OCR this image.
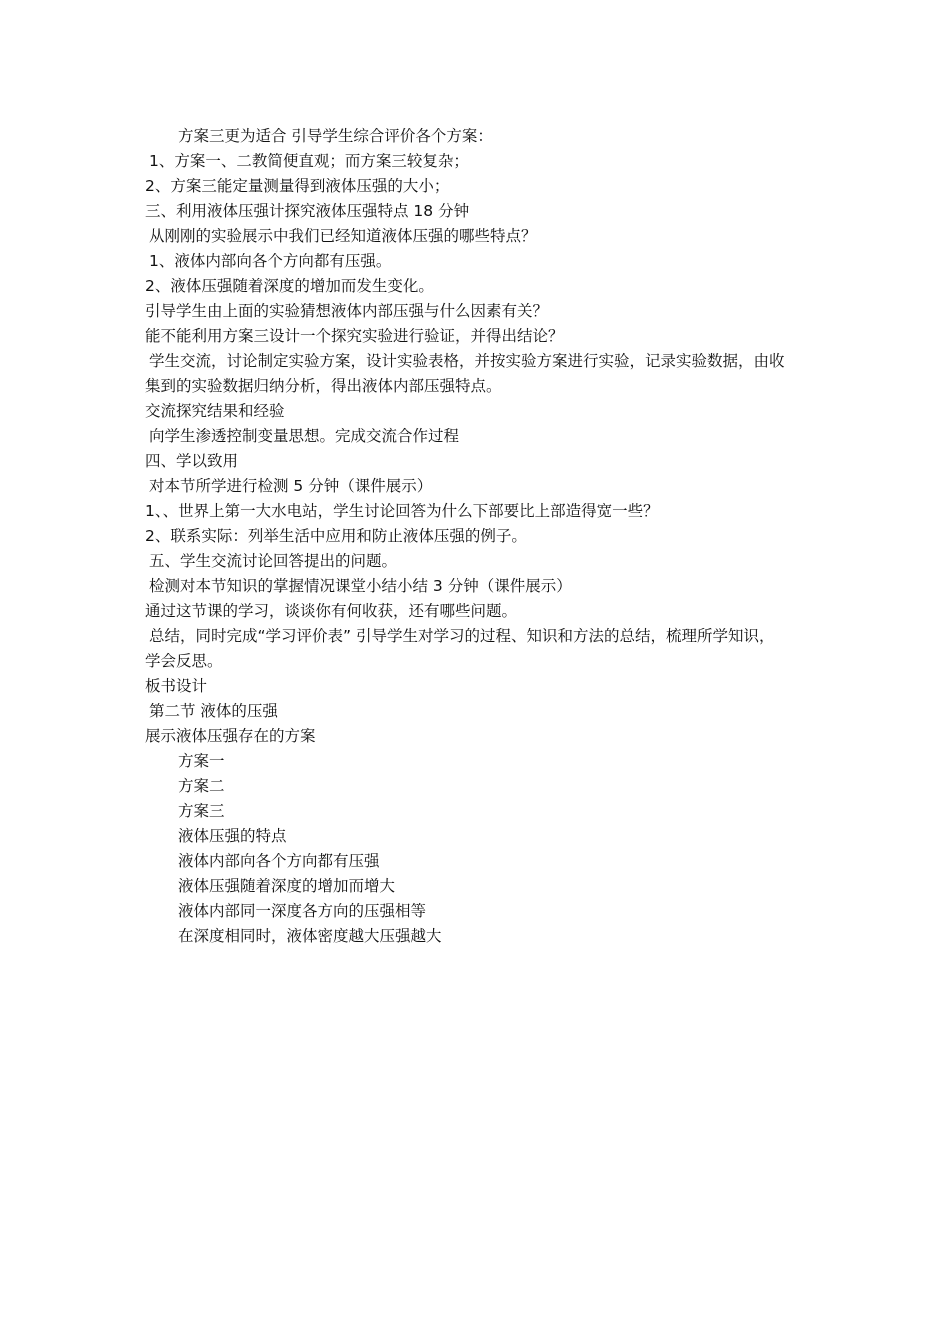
方案三更为适合 引导学生综合评价各个方案：
1、方案一、二教简便直观；而方案三较复杂；
2、方案三能定量测量得到液体压强的大小；
三、利用液体压强计探究液体压强特点 18 分钟
从刚刚的实验展示中我们已经知道液体压强的哪些特点？
1、液体内部向各个方向都有压强。
2、液体压强随着深度的增加而发生变化。
引导学生由上面的实验猜想液体内部压强与什么因素有关？
能不能利用方案三设计一个探究实验进行验证，并得出结论？
学生交流，讨论制定实验方案，设计实验表格，并按实验方案进行实验，记录实验数据，由收
集到的实验数据归纳分析，得出液体内部压强特点。
交流探究结果和经验
向学生渗透控制变量思想。完成交流合作过程
四、学以致用
对本节所学进行检测 5 分钟（课件展示）
1、、世界上第一大水电站，学生讨论回答为什么下部要比上部造得宽一些？
2、联系实际：列举生活中应用和防止液体压强的例子。
五、学生交流讨论回答提出的问题。
检测对本节知识的掌握情况课堂小结小结 3 分钟（课件展示）
通过这节课的学习，谈谈你有何收获，还有哪些问题。
总结，同时完成“学习评价表” 引导学生对学习的过程、知识和方法的总结，梳理所学知识，
学会反思。
板书设计
第二节 液体的压强
展示液体压强存在的方案
方案一
方案二
方案三
液体压强的特点
液体内部向各个方向都有压强
液体压强随着深度的增加而增大
液体内部同一深度各方向的压强相等
在深度相同时，液体密度越大压强越大
